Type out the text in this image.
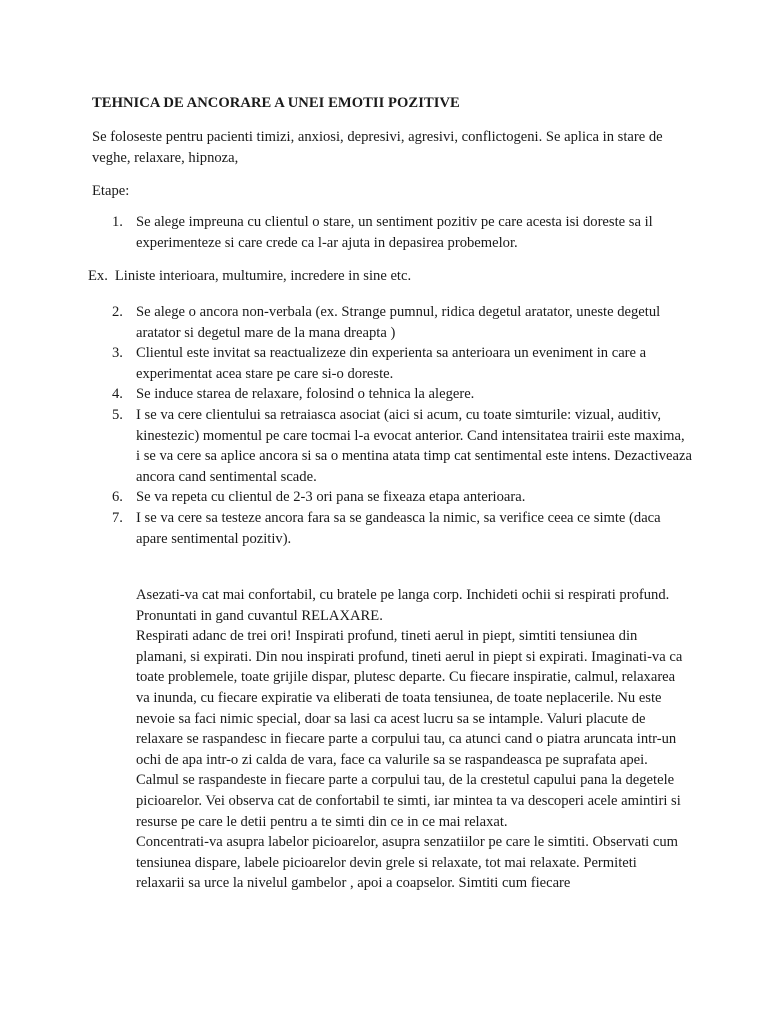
TEHNICA DE ANCORARE A UNEI EMOTII POZITIVE

Se foloseste pentru pacienti timizi, anxiosi, depresivi, agresivi, conflictogeni. Se aplica in stare de veghe, relaxare, hipnoza,

Etape:
1. Se alege impreuna cu clientul o stare, un sentiment pozitiv pe care acesta isi doreste sa il experimenteze si care crede ca l-ar ajuta in depasirea probemelor.
Ex. Liniste interioara, multumire, incredere in sine etc.
2. Se alege o ancora non-verbala (ex. Strange pumnul, ridica degetul aratator, uneste degetul aratator si degetul mare de la mana dreapta )
3. Clientul este invitat sa reactualizeze din experienta sa anterioara un eveniment in care a experimentat acea stare pe care si-o doreste.
4. Se induce starea de relaxare, folosind o tehnica la alegere.
5. I se va cere clientului sa retraiasca asociat (aici si acum, cu toate simturile: vizual, auditiv, kinestezic) momentul pe care tocmai l-a evocat anterior. Cand intensitatea trairii este maxima, i se va cere sa aplice ancora si sa o mentina atata timp cat sentimental este intens. Dezactiveaza ancora cand sentimental scade.
6. Se va repeta cu clientul de 2-3 ori pana se fixeaza etapa anterioara.
7. I se va cere sa testeze ancora fara sa se gandeasca la nimic, sa verifice ceea ce simte (daca apare sentimental pozitiv).

Asezati-va cat mai confortabil, cu bratele pe langa corp. Inchideti ochii si respirati profund. Pronuntati in gand cuvantul RELAXARE.

Respirati adanc de trei ori! Inspirati profund, tineti aerul in piept, simtiti tensiunea din plamani, si expirati. Din nou inspirati profund, tineti aerul in piept si expirati. Imaginati-va ca toate problemele, toate grijile dispar, plutesc departe. Cu fiecare inspiratie, calmul, relaxarea va inunda, cu fiecare expiratie va eliberati de toata tensiunea, de toate neplacerile. Nu este nevoie sa faci nimic special, doar sa lasi ca acest lucru sa se intample. Valuri placute de relaxare se raspandesc in fiecare parte a corpului tau, ca atunci cand o piatra aruncata intr-un ochi de apa intr-o zi calda de vara, face ca valurile sa se raspandeasca pe suprafata apei. Calmul se raspandeste in fiecare parte a corpului tau, de la crestetul capului pana la degetele picioarelor. Vei observa cat de confortabil te simti, iar mintea ta va descoperi acele amintiri si resurse pe care le detii pentru a te simti din ce in ce mai relaxat.

Concentrati-va asupra labelor picioarelor, asupra senzatiilor pe care le simtiti. Observati cum tensiunea dispare, labele picioarelor devin grele si relaxate, tot mai relaxate. Permiteti relaxarii sa urce la nivelul gambelor , apoi a coapselor. Simtiti cum fiecare
